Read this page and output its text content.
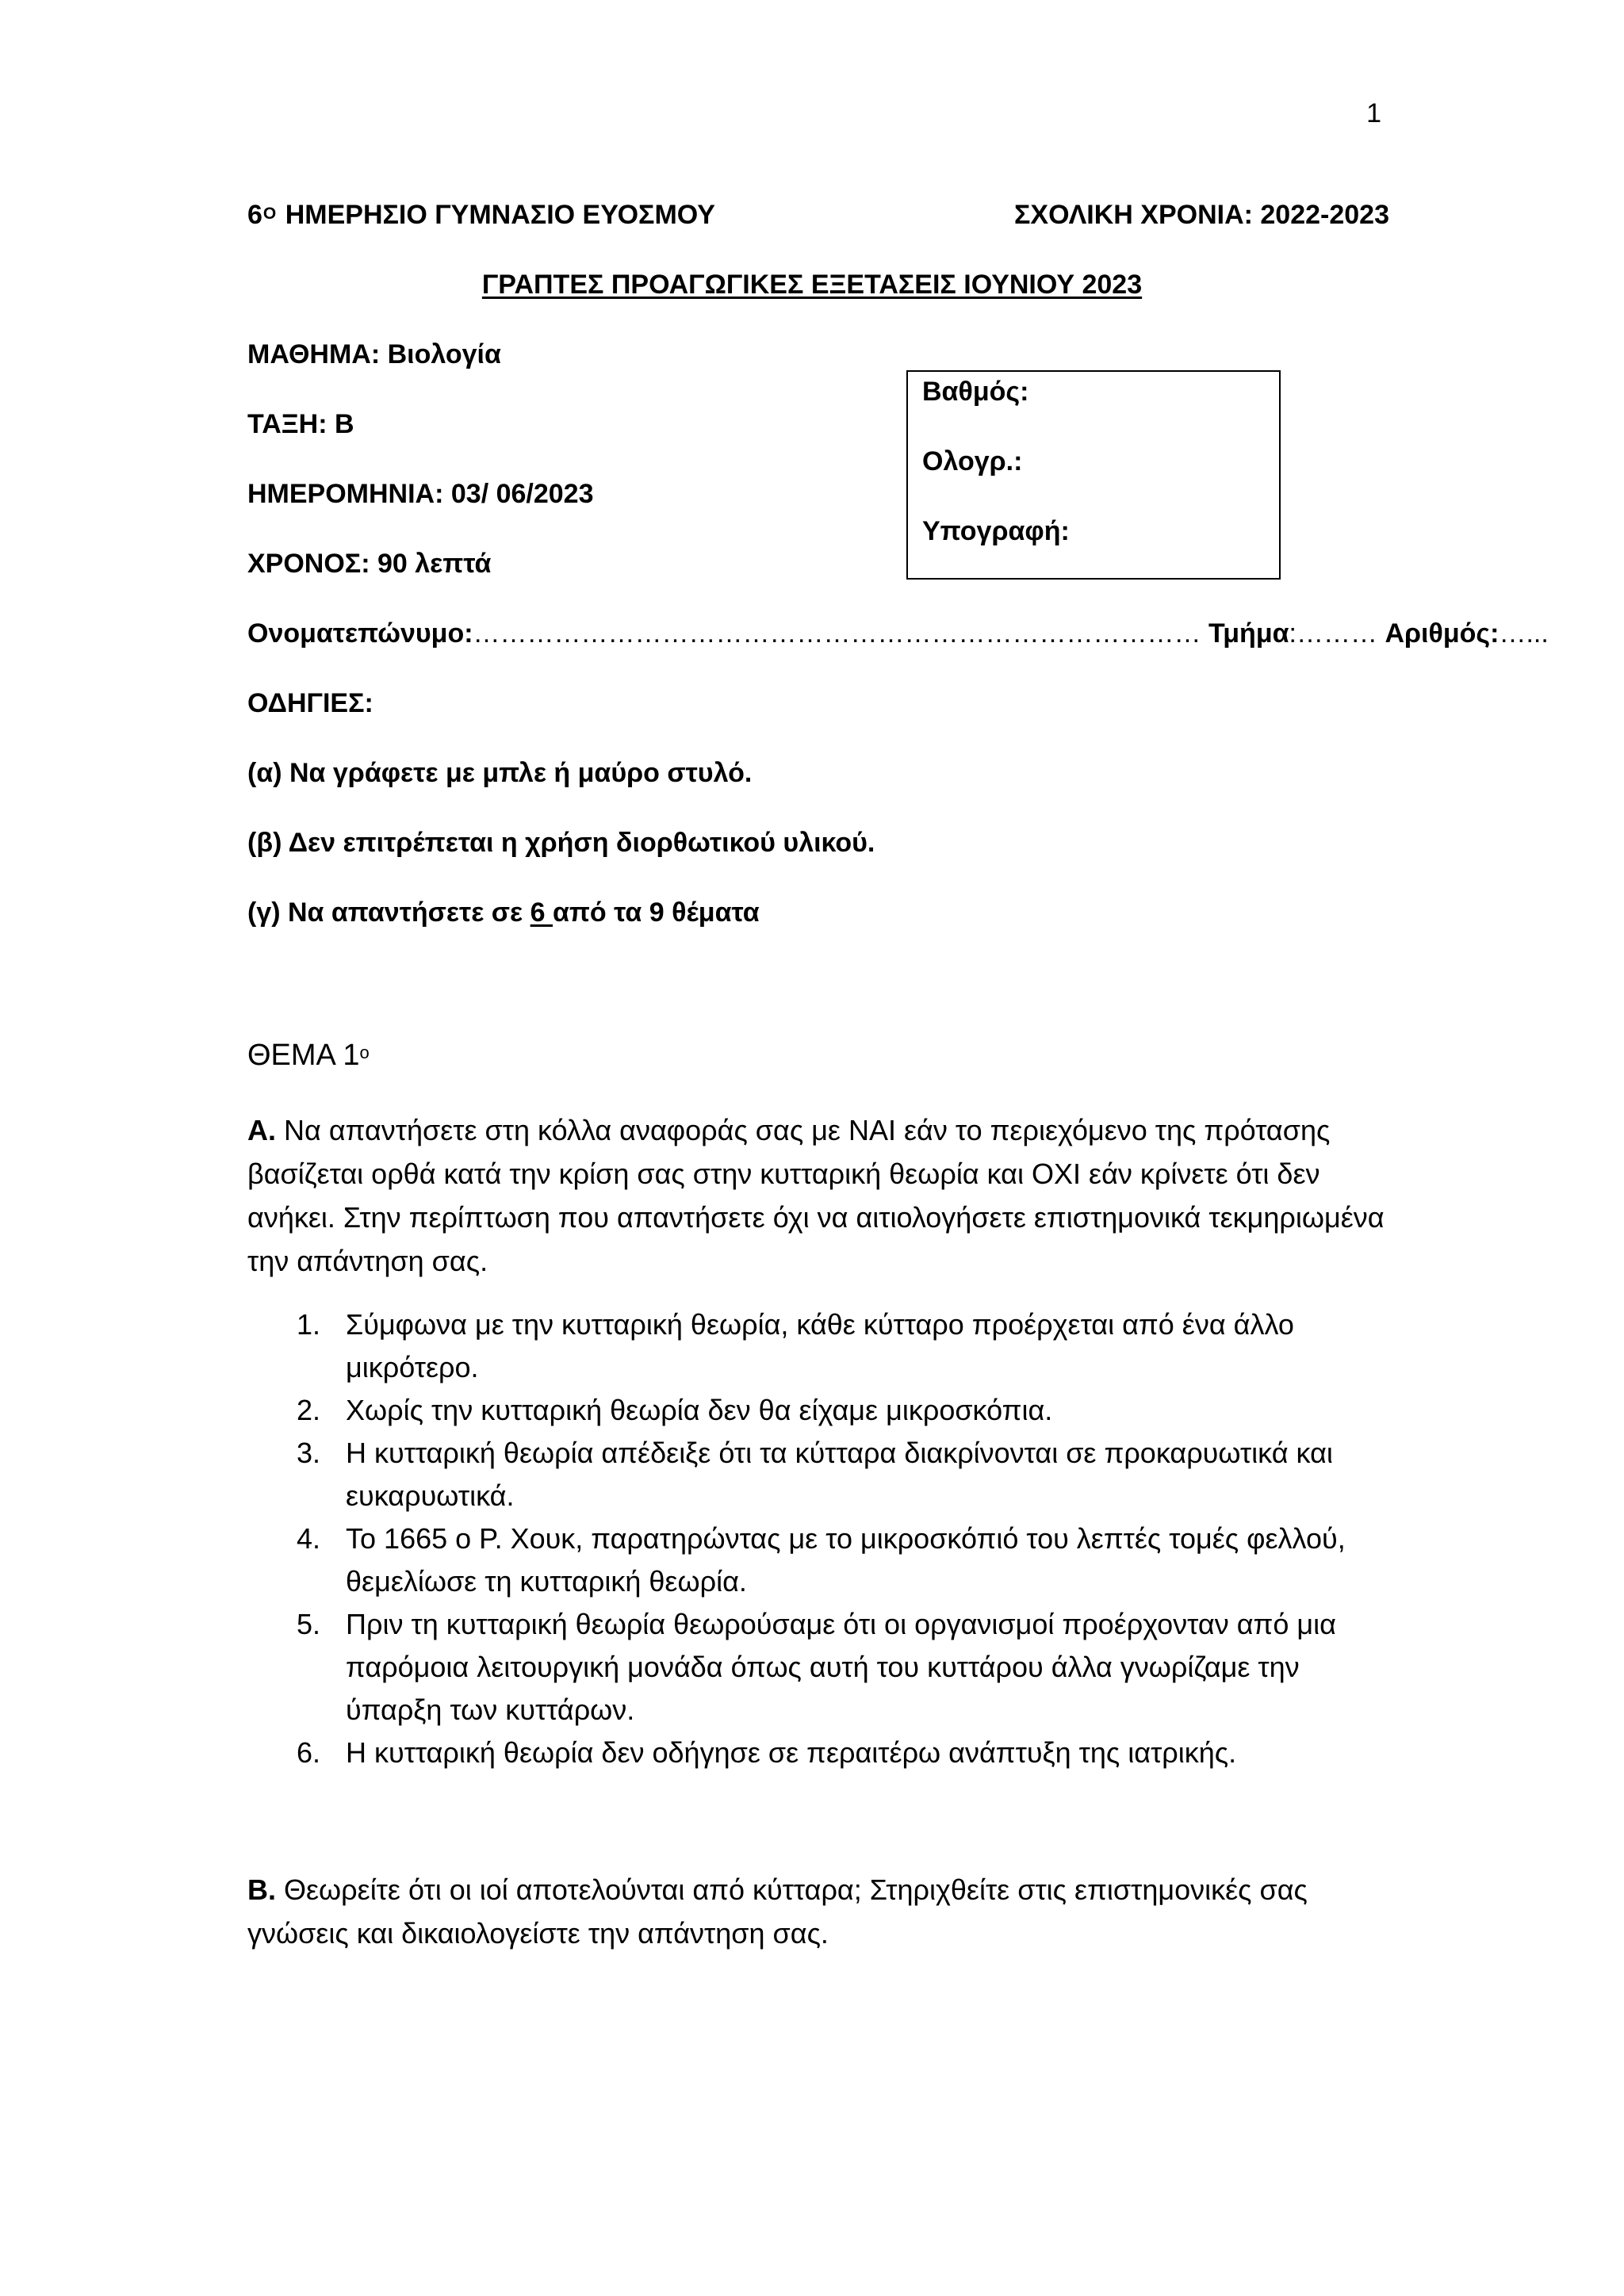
1
$6^O$ ΗΜΕΡΗΣΙΟ ΓΥΜΝΑΣΙΟ ΕΥΟΣΜΟΥ	ΣΧΟΛΙΚΗ ΧΡΟΝΙΑ: 2022-2023
ΓΡΑΠΤΕΣ ΠΡΟΑΓΩΓΙΚΕΣ ΕΞΕΤΑΣΕΙΣ ΙΟΥΝΙΟΥ 2023
ΜΑΘΗΜΑ: Βιολογία
ΤΑΞΗ: Β
ΗΜΕΡΟΜΗΝΙΑ: 03/ 06/2023
ΧΡΟΝΟΣ: 90 λεπτά
Βαθμός:
Ολογρ.:
Υπογραφή:
Ονοματεπώνυμο:……………………………………………………………………… Τμήμα:……… Αριθμός:…...
ΟΔΗΓΙΕΣ:
(α) Να γράφετε με μπλε ή μαύρο στυλό.
(β) Δεν επιτρέπεται η χρήση διορθωτικού υλικού.
(γ) Να απαντήσετε σε 6 από τα 9 θέματα
ΘΕΜΑ $1^o$
Α. Να απαντήσετε στη κόλλα αναφοράς σας με ΝΑΙ εάν το περιεχόμενο της πρότασης βασίζεται ορθά κατά την κρίση σας στην κυτταρική θεωρία και ΟΧΙ εάν κρίνετε ότι δεν ανήκει. Στην περίπτωση που απαντήσετε όχι να αιτιολογήσετε επιστημονικά τεκμηριωμένα την απάντηση σας.
1. Σύμφωνα με την κυτταρική θεωρία, κάθε κύτταρο προέρχεται από ένα άλλο μικρότερο.
2. Χωρίς την κυτταρική θεωρία δεν θα είχαμε μικροσκόπια.
3. Η κυτταρική θεωρία απέδειξε ότι τα κύτταρα διακρίνονται σε προκαρυωτικά και ευκαρυωτικά.
4. Το 1665 ο Ρ. Χουκ, παρατηρώντας με το μικροσκόπιό του λεπτές τομές φελλού, θεμελίωσε τη κυτταρική θεωρία.
5. Πριν τη κυτταρική θεωρία θεωρούσαμε ότι οι οργανισμοί προέρχονταν από μια παρόμοια λειτουργική μονάδα όπως αυτή του κυττάρου άλλα γνωρίζαμε την ύπαρξη των κυττάρων.
6. Η κυτταρική θεωρία δεν οδήγησε σε περαιτέρω ανάπτυξη της ιατρικής.
Β. Θεωρείτε ότι οι ιοί αποτελούνται από κύτταρα; Στηριχθείτε στις επιστημονικές σας γνώσεις και δικαιολογείστε την απάντηση σας.
